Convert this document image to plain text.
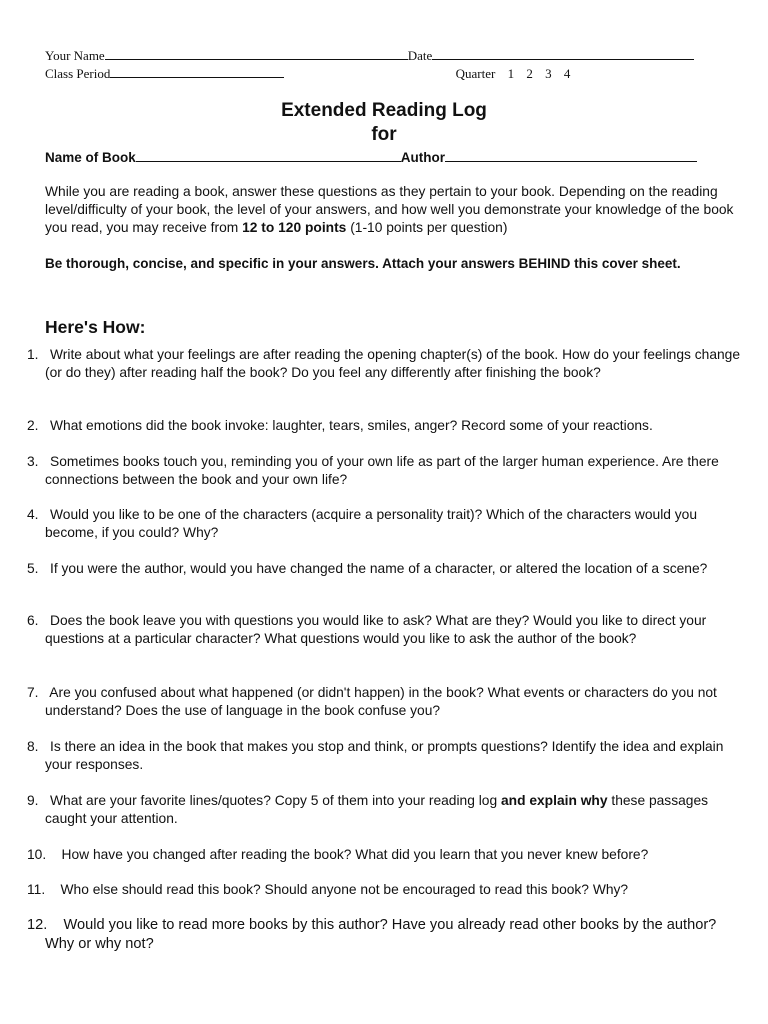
Your Name	Date
Class Period	Quarter 1 2 3 4
Extended Reading Log
for
Name of Book	Author
While you are reading a book, answer these questions as they pertain to your book. Depending on the reading level/difficulty of your book, the level of your answers, and how well you demonstrate your knowledge of the book you read, you may receive from 12 to 120 points (1-10 points per question)
Be thorough, concise, and specific in your answers. Attach your answers BEHIND this cover sheet.
Here's How:
1. Write about what your feelings are after reading the opening chapter(s) of the book. How do your feelings change (or do they) after reading half the book? Do you feel any differently after finishing the book?
2. What emotions did the book invoke: laughter, tears, smiles, anger? Record some of your reactions.
3. Sometimes books touch you, reminding you of your own life as part of the larger human experience. Are there connections between the book and your own life?
4. Would you like to be one of the characters (acquire a personality trait)? Which of the characters would you become, if you could? Why?
5. If you were the author, would you have changed the name of a character, or altered the location of a scene?
6. Does the book leave you with questions you would like to ask? What are they? Would you like to direct your questions at a particular character? What questions would you like to ask the author of the book?
7. Are you confused about what happened (or didn't happen) in the book? What events or characters do you not understand? Does the use of language in the book confuse you?
8. Is there an idea in the book that makes you stop and think, or prompts questions? Identify the idea and explain your responses.
9. What are your favorite lines/quotes? Copy 5 of them into your reading log and explain why these passages caught your attention.
10. How have you changed after reading the book? What did you learn that you never knew before?
11. Who else should read this book? Should anyone not be encouraged to read this book? Why?
12. Would you like to read more books by this author? Have you already read other books by the author? Why or why not?
